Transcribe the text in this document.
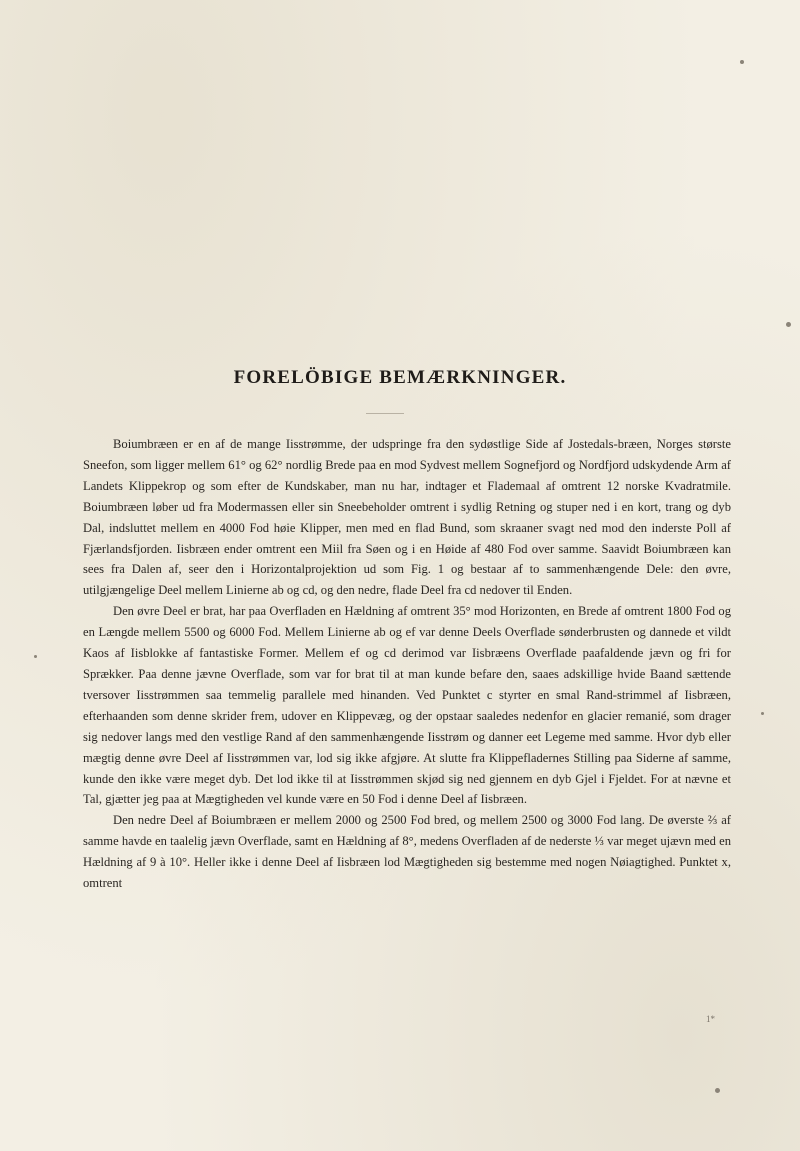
FORELÖBIGE BEMÆRKNINGER.

Boiumbræen er en af de mange Iisstrømme, der udspringe fra den sydøstlige Side af Jostedals-bræen, Norges største Sneefon, som ligger mellem 61° og 62° nordlig Brede paa en mod Sydvest mellem Sognefjord og Nordfjord udskydende Arm af Landets Klippekrop og som efter de Kundskaber, man nu har, indtager et Flademaal af omtrent 12 norske Kvadratmile. Boiumbræen løber ud fra Modermassen eller sin Sneebeholder omtrent i sydlig Retning og stuper ned i en kort, trang og dyb Dal, indsluttet mellem en 4000 Fod høie Klipper, men med en flad Bund, som skraaner svagt ned mod den inderste Poll af Fjærlandsfjorden. Iisbræen ender omtrent een Miil fra Søen og i en Høide af 480 Fod over samme. Saavidt Boiumbræen kan sees fra Dalen af, seer den i Horizontalprojektion ud som Fig. 1 og bestaar af to sammenhængende Dele: den øvre, utilgjængelige Deel mellem Linierne ab og cd, og den nedre, flade Deel fra cd nedover til Enden.

Den øvre Deel er brat, har paa Overfladen en Hældning af omtrent 35° mod Horizonten, en Brede af omtrent 1800 Fod og en Længde mellem 5500 og 6000 Fod. Mellem Linierne ab og ef var denne Deels Overflade sønderbrusten og dannede et vildt Kaos af Iisblokke af fantastiske Former. Mellem ef og cd derimod var Iisbræens Overflade paafaldende jævn og fri for Sprækker. Paa denne jævne Overflade, som var for brat til at man kunde befare den, saaes adskillige hvide Baand sættende tversover Iisstrømmen saa temmelig parallele med hinanden. Ved Punktet c styrter en smal Rand-strimmel af Iisbræen, efterhaanden som denne skrider frem, udover en Klippevæg, og der opstaar saaledes nedenfor en glacier remanié, som drager sig nedover langs med den vestlige Rand af den sammenhængende Iisstrøm og danner eet Legeme med samme. Hvor dyb eller mægtig denne øvre Deel af Iisstrømmen var, lod sig ikke afgjøre. At slutte fra Klippefladernes Stilling paa Siderne af samme, kunde den ikke være meget dyb. Det lod ikke til at Iisstrømmen skjød sig ned gjennem en dyb Gjel i Fjeldet. For at nævne et Tal, gjætter jeg paa at Mægtigheden vel kunde være en 50 Fod i denne Deel af Iisbræen.

Den nedre Deel af Boiumbræen er mellem 2000 og 2500 Fod bred, og mellem 2500 og 3000 Fod lang. De øverste ⅔ af samme havde en taalelig jævn Overflade, samt en Hældning af 8°, medens Overfladen af de nederste ⅓ var meget ujævn med en Hældning af 9 à 10°. Heller ikke i denne Deel af Iisbræen lod Mægtigheden sig bestemme med nogen Nøiagtighed. Punktet x, omtrent

1*
